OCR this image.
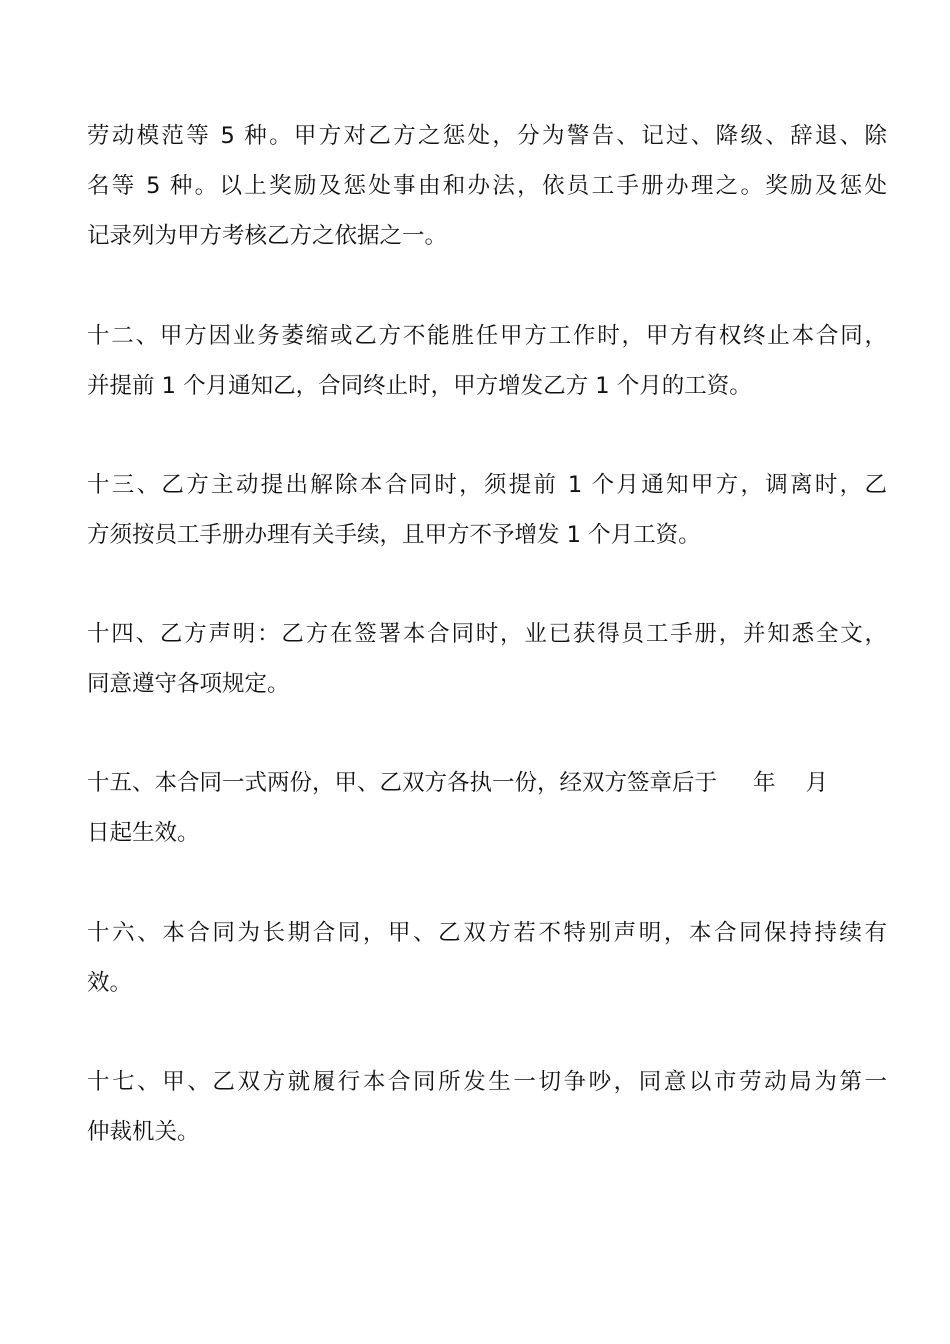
劳动模范等 5 种。甲方对乙方之惩处，分为警告、记过、降级、辞退、除
名等 5 种。以上奖励及惩处事由和办法，依员工手册办理之。奖励及惩处
记录列为甲方考核乙方之依据之一。
十二、甲方因业务萎缩或乙方不能胜任甲方工作时，甲方有权终止本合同，
并提前 1 个月通知乙，合同终止时，甲方增发乙方 1 个月的工资。
十三、乙方主动提出解除本合同时，须提前 1 个月通知甲方，调离时，乙
方须按员工手册办理有关手续，且甲方不予增发 1 个月工资。
十四、乙方声明：乙方在签署本合同时，业已获得员工手册，并知悉全文，
同意遵守各项规定。
十五、本合同一式两份，甲、乙双方各执一份，经双方签章后于 年 月
日起生效。
十六、本合同为长期合同，甲、乙双方若不特别声明，本合同保持持续有
效。
十七、甲、乙双方就履行本合同所发生一切争吵，同意以市劳动局为第一
仲裁机关。
